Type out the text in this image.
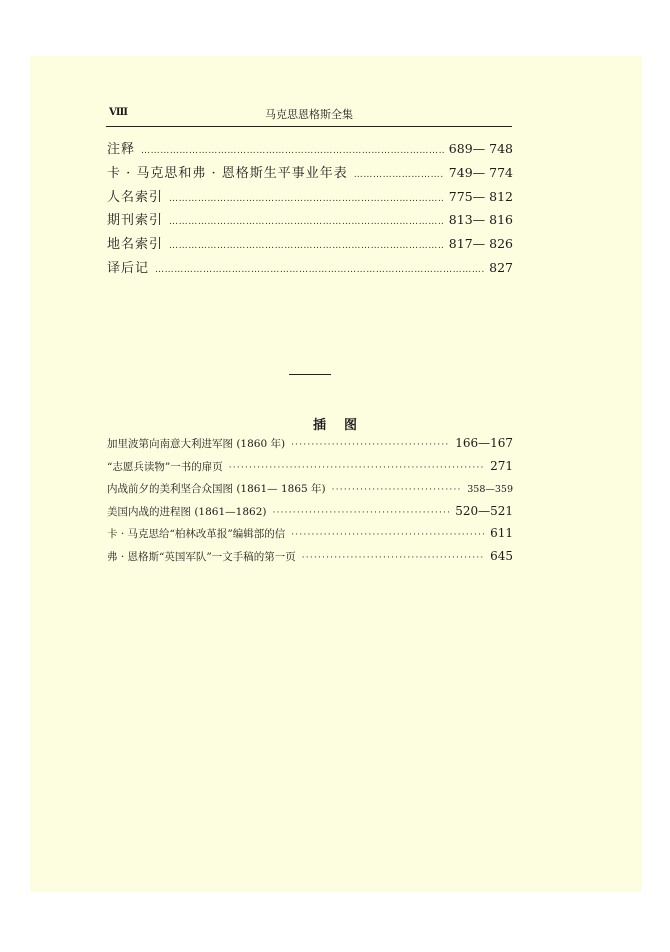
Ⅷ	马克思恩格斯全集
注释 ………………………………………………………………………………………………………	689— 748
卡 · 马克思和弗 · 恩格斯生平事业年表 ………………………………………………………………………………………………………	749— 774
人名索引 ………………………………………………………………………………………………………	775— 812
期刊索引 ………………………………………………………………………………………………………	813— 816
地名索引 ………………………………………………………………………………………………………	817— 826
译后记 ………………………………………………………………………………………………………	827
插图
加里波第向南意大利进军图 (1860 年) ·····	166—167
“志愿兵读物”一书的扉页 ·····	271
内战前夕的美利坚合众国图 (1861— 1865 年) ·····	358—359
美国内战的进程图 (1861—1862) ·····	520—521
卡 · 马克思给“柏林改革报”编辑部的信 ·····	611
弗 · 恩格斯“英国军队”一文手稿的第一页 ·····	645
